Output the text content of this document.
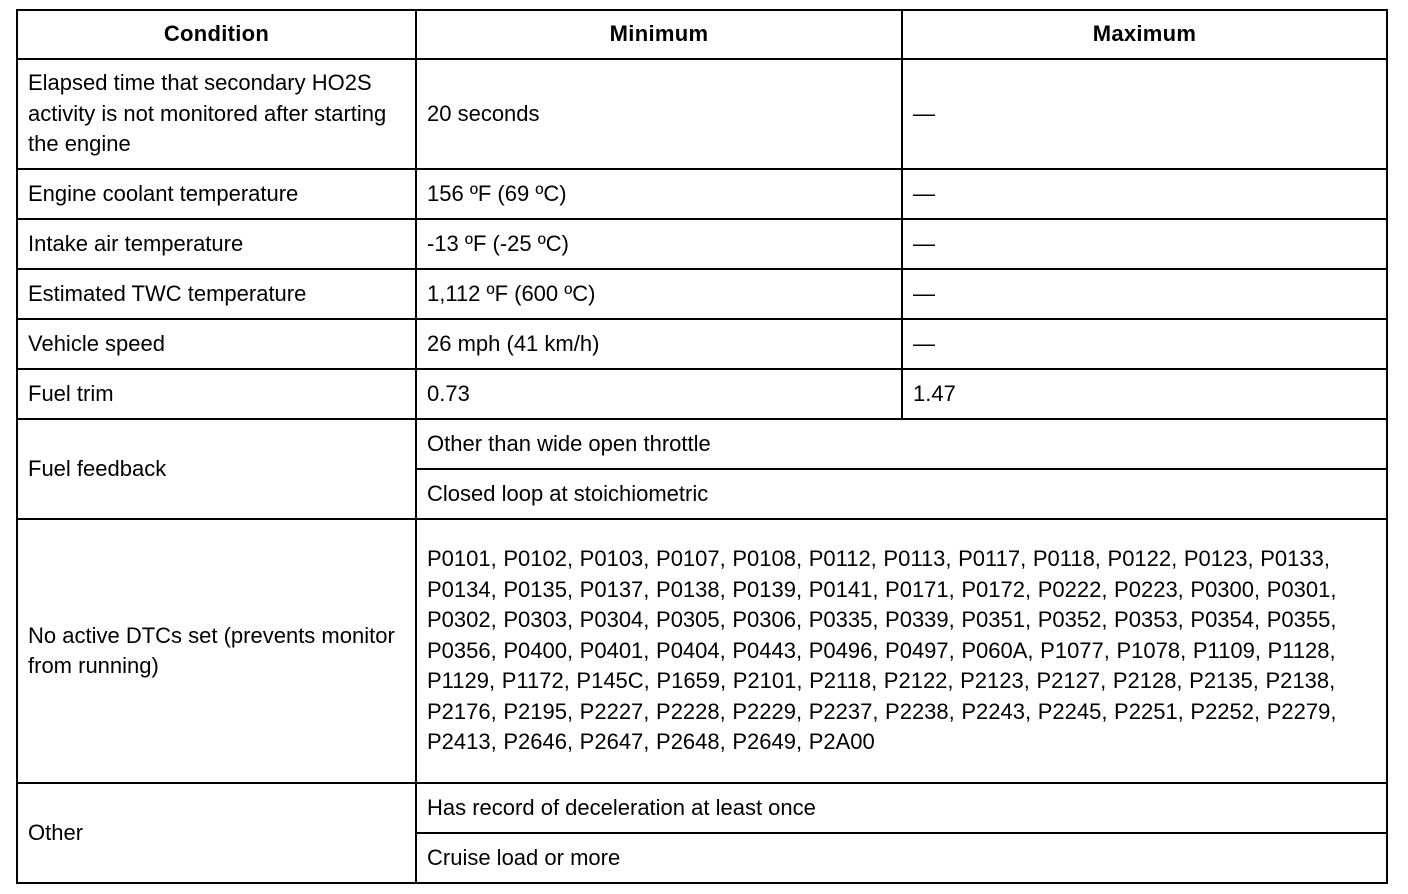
Condition	Minimum	Maximum
Elapsed time that secondary HO2S activity is not monitored after starting the engine	20 seconds	—
Engine coolant temperature	156 ºF (69 ºC)	—
Intake air temperature	-13 ºF (-25 ºC)	—
Estimated TWC temperature	1,112 ºF (600 ºC)	—
Vehicle speed	26 mph (41 km/h)	—
Fuel trim	0.73	1.47
Fuel feedback	Other than wide open throttle	
	Closed loop at stoichiometric	
No active DTCs set (prevents monitor from running)	P0101, P0102, P0103, P0107, P0108, P0112, P0113, P0117, P0118, P0122, P0123, P0133, P0134, P0135, P0137, P0138, P0139, P0141, P0171, P0172, P0222, P0223, P0300, P0301, P0302, P0303, P0304, P0305, P0306, P0335, P0339, P0351, P0352, P0353, P0354, P0355, P0356, P0400, P0401, P0404, P0443, P0496, P0497, P060A, P1077, P1078, P1109, P1128, P1129, P1172, P145C, P1659, P2101, P2118, P2122, P2123, P2127, P2128, P2135, P2138, P2176, P2195, P2227, P2228, P2229, P2237, P2238, P2243, P2245, P2251, P2252, P2279, P2413, P2646, P2647, P2648, P2649, P2A00	
Other	Has record of deceleration at least once	
	Cruise load or more	
